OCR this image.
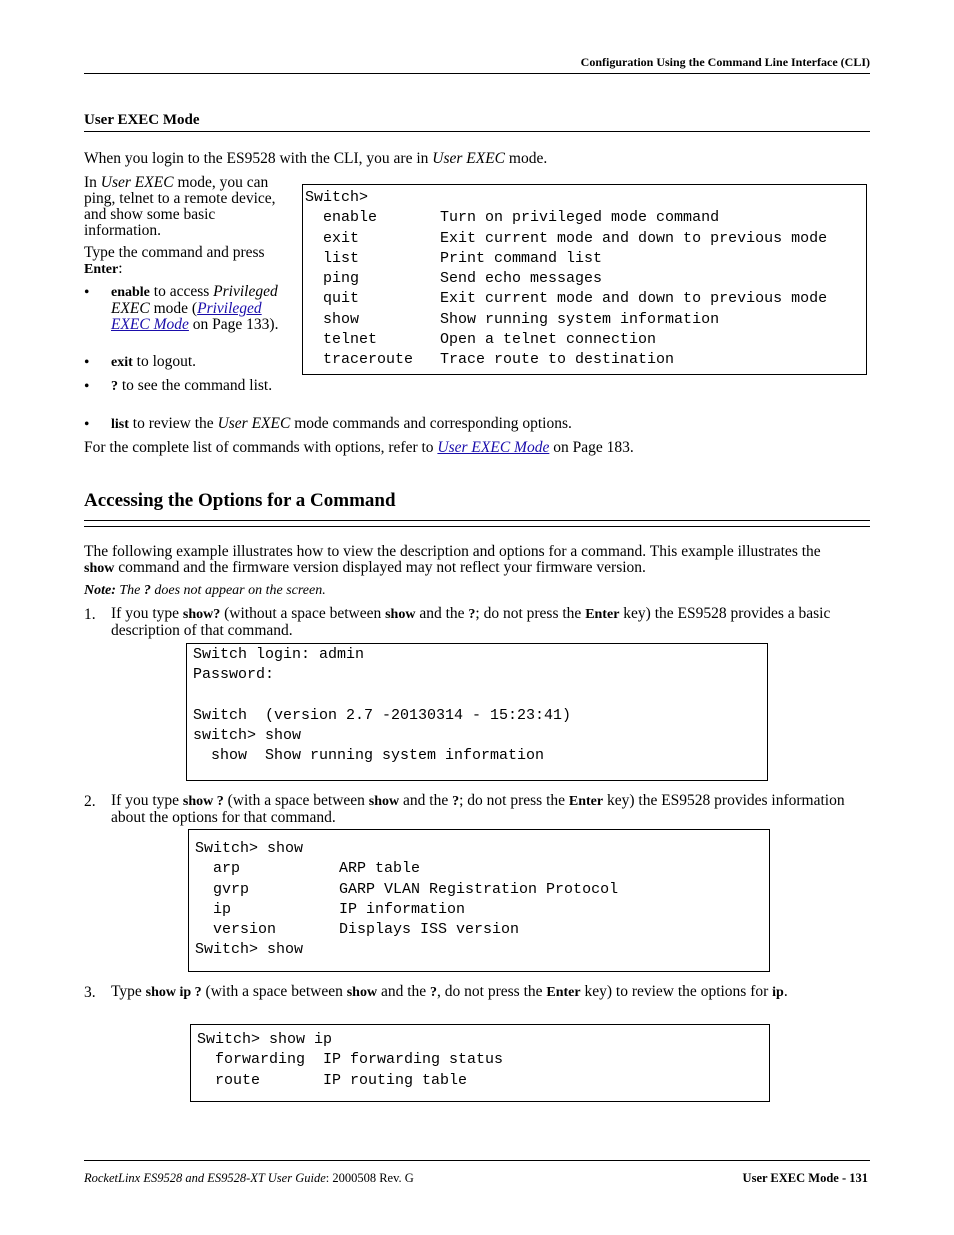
Configuration Using the Command Line Interface (CLI)
User EXEC Mode

When you login to the ES9528 with the CLI, you are in User EXEC mode.

In User EXEC mode, you can ping, telnet to a remote device, and show some basic information.

Type the command and press Enter:

• enable to access Privileged EXEC mode (Privileged EXEC Mode on Page 133).

• exit to logout.

• ? to see the command list.

Switch>
enable       Turn on privileged mode command
exit         Exit current mode and down to previous mode
list         Print command list
ping         Send echo messages
quit         Exit current mode and down to previous mode
show         Show running system information
telnet       Open a telnet connection
traceroute   Trace route to destination
• list to review the User EXEC mode commands and corresponding options.

For the complete list of commands with options, refer to User EXEC Mode on Page 183.

Accessing the Options for a Command

The following example illustrates how to view the description and options for a command. This example illustrates the show command and the firmware version displayed may not reflect your firmware version.

Note: The ? does not appear on the screen.

1. If you type show? (without a space between show and the ?; do not press the Enter key) the ES9528 provides a basic description of that command.

Switch login: admin
Password:

Switch  (version 2.7 -20130314 - 15:23:41)
switch> show
show  Show running system information
2. If you type show ? (with a space between show and the ?; do not press the Enter key) the ES9528 provides information about the options for that command.

Switch> show
arp           ARP table
gvrp          GARP VLAN Registration Protocol
ip            IP information
version       Displays ISS version
Switch> show
3. Type show ip ? (with a space between show and the ?, do not press the Enter key) to review the options for ip.

Switch> show ip
forwarding  IP forwarding status
route       IP routing table
RocketLinx ES9528 and ES9528-XT User Guide: 2000508 Rev. G	User EXEC Mode - 131
